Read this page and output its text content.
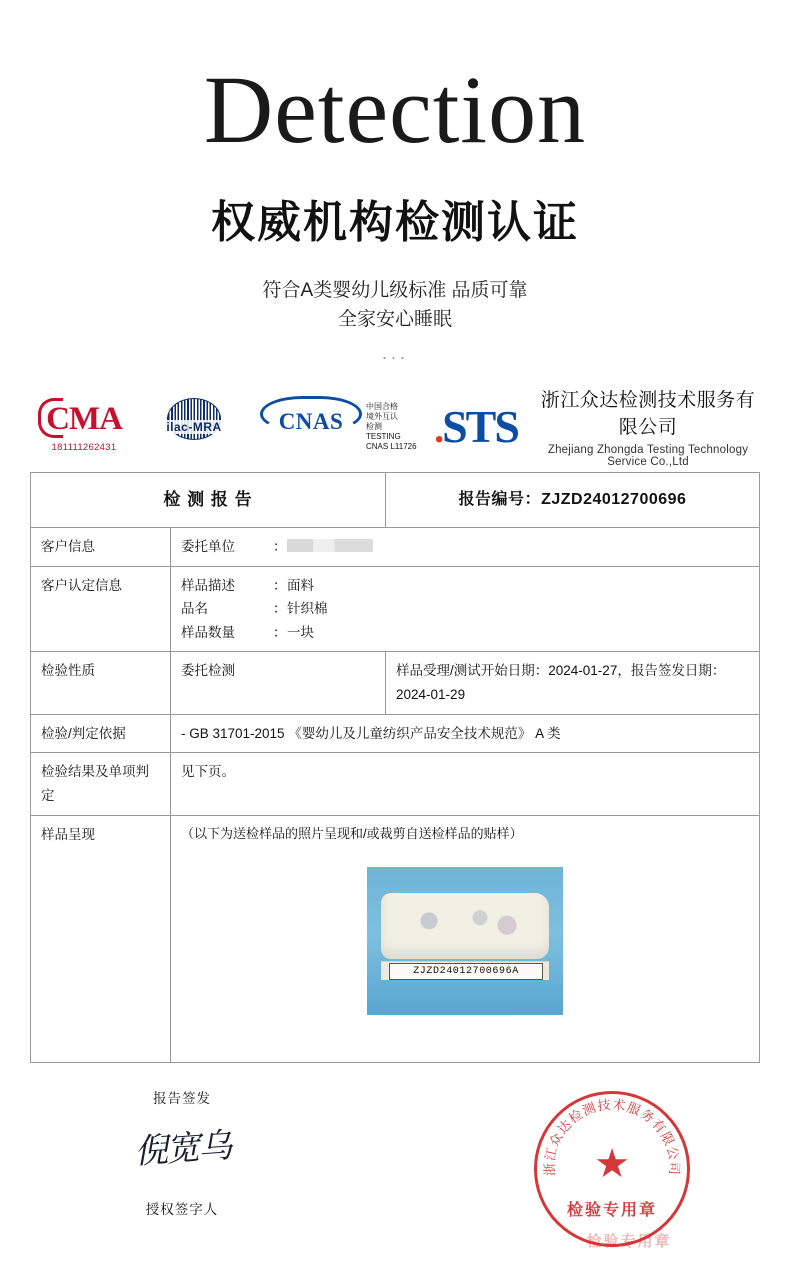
Detection
权威机构检测认证
符合A类婴幼儿级标准 品质可靠
全家安心睡眠
···
CMA
181111262431
ilac-MRA	CNAS
中国合格
境外互认
检测
TESTING
CNAS L11726 .STS	浙江众达检测技术服务有限公司
Zhejiang Zhongda Testing Technology Service Co.,Ltd
检 测 报 告		报告编号：ZJZD24012700696
客户信息	委托单位 ：	

客户认定信息	样品描述	： 面料
品名	： 针织棉
样品数量	： 一块

检验性质	委托检测	样品受理/测试开始日期：2024-01-27，报告签发日期：2024-01-29
检验/判定依据	- GB 31701-2015 《婴幼儿及儿童纺织产品安全技术规范》 A 类	
检验结果及单项判定	见下页。	
样品呈现	（以下为送检样品的照片呈现和/或裁剪自送检样品的贴样）
ZJZD24012700696A	
报告签发
倪宽乌
授权签字人
检验专用章
浙江众达检测技术服务有限公司
★
检验专用章
